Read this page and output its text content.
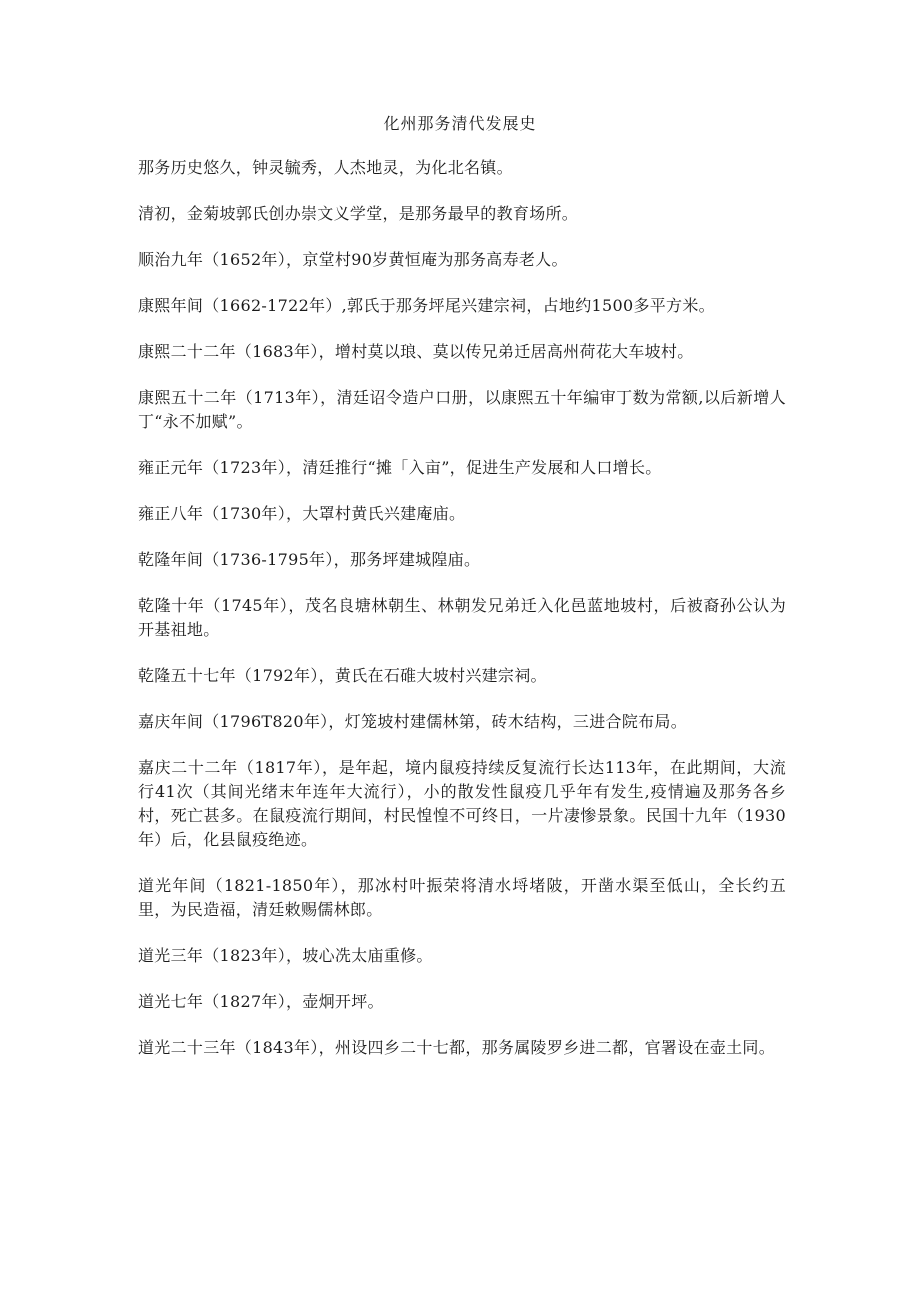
化州那务清代发展史

那务历史悠久，钟灵毓秀，人杰地灵，为化北名镇。

清初，金菊坡郭氏创办崇文义学堂，是那务最早的教育场所。

顺治九年（1652年），京堂村90岁黄恒庵为那务高寿老人。

康熙年间（1662-1722年）,郭氏于那务坪尾兴建宗祠，占地约1500多平方米。

康熙二十二年（1683年），增村莫以琅、莫以传兄弟迁居高州荷花大车坡村。

康熙五十二年（1713年），清廷诏令造户口册，以康熙五十年编审丁数为常额,以后新增人丁“永不加赋”。

雍正元年（1723年），清廷推行“摊「入亩”，促进生产发展和人口增长。

雍正八年（1730年），大罩村黄氏兴建庵庙。

乾隆年间（1736-1795年），那务坪建城隍庙。

乾隆十年（1745年），茂名良塘林朝生、林朝发兄弟迁入化邑蓝地坡村，后被裔孙公认为开基祖地。

乾隆五十七年（1792年），黄氏在石碓大坡村兴建宗祠。

嘉庆年间（1796T820年），灯笼坡村建儒林第，砖木结构，三进合院布局。

嘉庆二十二年（1817年），是年起，境内鼠疫持续反复流行长达113年，在此期间，大流行41次（其间光绪末年连年大流行），小的散发性鼠疫几乎年有发生,疫情遍及那务各乡村，死亡甚多。在鼠疫流行期间，村民惶惶不可终日，一片凄惨景象。民国十九年（1930年）后，化县鼠疫绝迹。

道光年间（1821-1850年），那冰村叶振荣将清水埒堵陂，开凿水渠至低山，全长约五里，为民造福，清廷敕赐儒林郎。

道光三年（1823年），坡心冼太庙重修。

道光七年（1827年），壶炯开坪。

道光二十三年（1843年），州设四乡二十七都，那务属陵罗乡进二都，官署设在壶土同。
